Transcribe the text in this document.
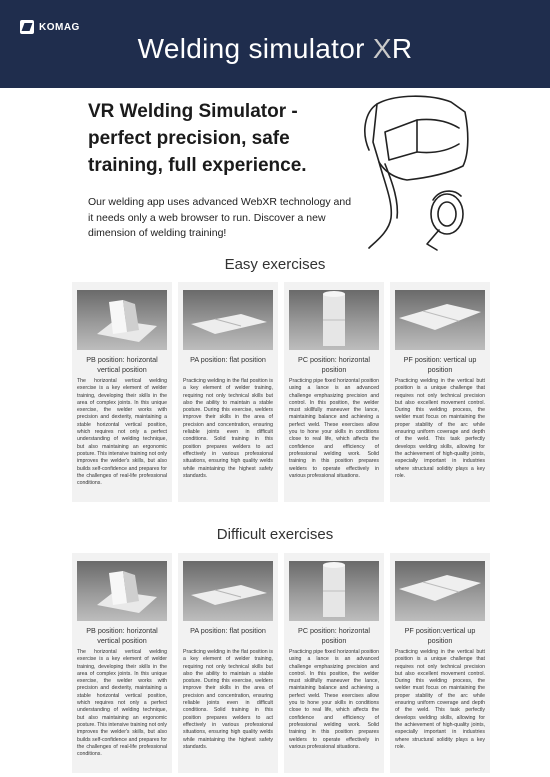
KOMAG
Welding simulator XR
VR Welding Simulator - perfect precision, safe training, full experience.
Our welding app uses advanced WebXR technology and it needs only a web browser to run. Discover a new dimension of welding training!
Easy exercises
PB position: horizontal vertical position
The horizontal vertical welding exercise is a key element of welder training, developing their skills in the area of complex joints. In this unique exercise, the welder works with precision and dexterity, maintaining a stable horizontal vertical position, which requires not only a perfect understanding of welding technique, but also maintaining an ergonomic posture. This intensive training not only improves the welder's skills, but also builds self-confidence and prepares for the challenges of real-life professional conditions.
PA position: flat position
Practicing welding in the flat position is a key element of welder training, requiring not only technical skills but also the ability to maintain a stable posture. During this exercise, welders improve their skills in the area of precision and concentration, ensuring reliable joints even in difficult conditions. Solid training in this position prepares welders to act effectively in various professional situations, ensuring high quality welds while maintaining the highest safety standards.
PC position: horizontal position
Practicing pipe fixed horizontal position using a lance is an advanced challenge emphasizing precision and control. In this position, the welder must skillfully maneuver the lance, maintaining balance and achieving a perfect weld. These exercises allow you to hone your skills in conditions close to real life, which affects the confidence and efficiency of professional welding work. Solid training in this position prepares welders to operate effectively in various professional situations.
PF position: vertical up position
Practicing welding in the vertical butt position is a unique challenge that requires not only technical precision but also excellent movement control. During this welding process, the welder must focus on maintaining the proper stability of the arc while ensuring uniform coverage and depth of the weld. This task perfectly develops welding skills, allowing for the achievement of high-quality joints, especially important in industries where structural solidity plays a key role.
Difficult exercises
PB position: horizontal vertical position
The horizontal vertical welding exercise is a key element of welder training, developing their skills in the area of complex joints. In this unique exercise, the welder works with precision and dexterity, maintaining a stable horizontal vertical position, which requires not only a perfect understanding of welding technique, but also maintaining an ergonomic posture. This intensive training not only improves the welder's skills, but also builds self-confidence and prepares for the challenges of real-life professional conditions.
PA position: flat position
Practicing welding in the flat position is a key element of welder training, requiring not only technical skills but also the ability to maintain a stable posture. During this exercise, welders improve their skills in the area of precision and concentration, ensuring reliable joints even in difficult conditions. Solid training in this position prepares welders to act effectively in various professional situations, ensuring high quality welds while maintaining the highest safety standards.
PC position: horizontal position
Practicing pipe fixed horizontal position using a lance is an advanced challenge emphasizing precision and control. In this position, the welder must skillfully maneuver the lance, maintaining balance and achieving a perfect weld. These exercises allow you to hone your skills in conditions close to real life, which affects the confidence and efficiency of professional welding work. Solid training in this position prepares welders to operate effectively in various professional situations.
PF position:vertical up position
Practicing welding in the vertical butt position is a unique challenge that requires not only technical precision but also excellent movement control. During this welding process, the welder must focus on maintaining the proper stability of the arc while ensuring uniform coverage and depth of the weld. This task perfectly develops welding skills, allowing for the achievement of high-quality joints, especially important in industries where structural solidity plays a key role.
